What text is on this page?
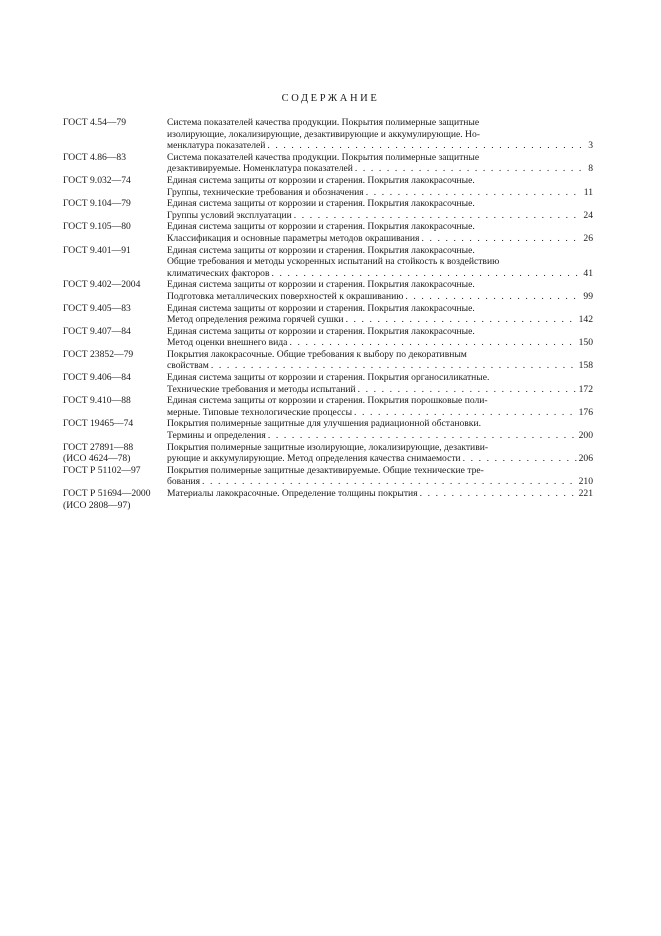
СОДЕРЖАНИЕ
ГОСТ 4.54—79	Система показателей качества продукции. Покрытия полимерные защитные
изолирующие, локализирующие, дезактивирующие и аккумулирующие. Но-
менклатура показателей . . .	3
ГОСТ 4.86—83	Система показателей качества продукции. Покрытия полимерные защитные
дезактивируемые. Номенклатура показателей . . .	8
ГОСТ 9.032—74	Единая система защиты от коррозии и старения. Покрытия лакокрасочные.
Группы, технические требования и обозначения . . .	11
ГОСТ 9.104—79	Единая система защиты от коррозии и старения. Покрытия лакокрасочные.
Группы условий эксплуатации . . .	24
ГОСТ 9.105—80	Единая система защиты от коррозии и старения. Покрытия лакокрасочные.
Классификация и основные параметры методов окрашивания . . .	26
ГОСТ 9.401—91	Единая система защиты от коррозии и старения. Покрытия лакокрасочные.
Общие требования и методы ускоренных испытаний на стойкость к воздействию
климатических факторов . . .	41
ГОСТ 9.402—2004	Единая система защиты от коррозии и старения. Покрытия лакокрасочные.
Подготовка металлических поверхностей к окрашиванию . . .	99
ГОСТ 9.405—83	Единая система защиты от коррозии и старения. Покрытия лакокрасочные.
Метод определения режима горячей сушки . . .	142
ГОСТ 9.407—84	Единая система защиты от коррозии и старения. Покрытия лакокрасочные.
Метод оценки внешнего вида . . .	150
ГОСТ 23852—79	Покрытия лакокрасочные. Общие требования к выбору по декоративным
свойствам . . .	158
ГОСТ 9.406—84	Единая система защиты от коррозии и старения. Покрытия органосиликатные.
Технические требования и методы испытаний . . .	172
ГОСТ 9.410—88	Единая система защиты от коррозии и старения. Покрытия порошковые поли-
мерные. Типовые технологические процессы . . .	176
ГОСТ 19465—74	Покрытия полимерные защитные для улучшения радиационной обстановки.
Термины и определения . . .	200
ГОСТ 27891—88
(ИСО 4624—78)
Покрытия полимерные защитные изолирующие, локализирующие, дезактиви-
рующие и аккумулирующие. Метод определения качества снимаемости . . .	206
ГОСТ Р 51102—97	Покрытия полимерные защитные дезактивируемые. Общие технические тре-
бования . . .	210
ГОСТ Р 51694—2000
(ИСО 2808—97)
Материалы лакокрасочные. Определение толщины покрытия . . .	221
